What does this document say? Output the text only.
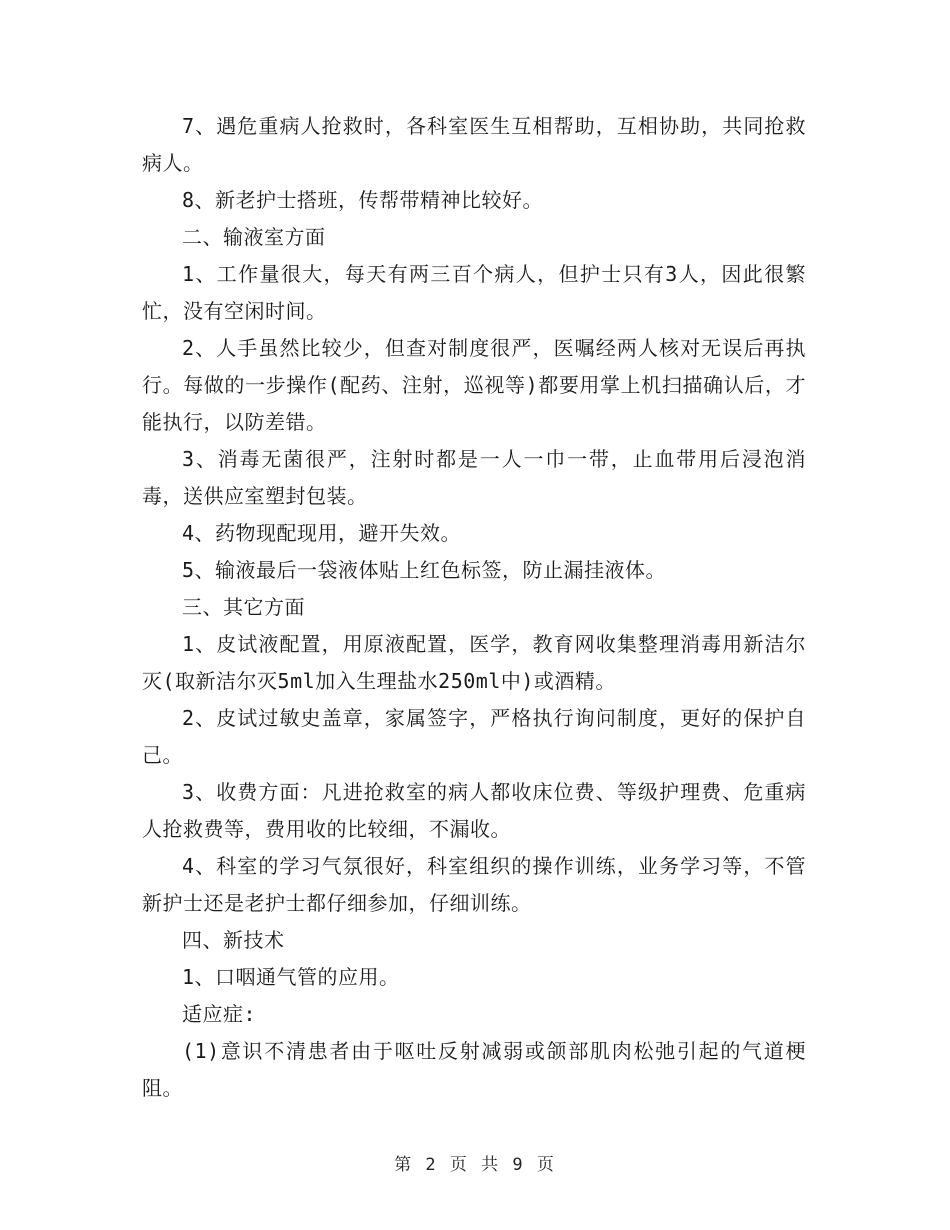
7、遇危重病人抢救时，各科室医生互相帮助，互相协助，共同抢救病人。

8、新老护士搭班，传帮带精神比较好。

二、输液室方面

1、工作量很大，每天有两三百个病人，但护士只有3人，因此很繁忙，没有空闲时间。

2、人手虽然比较少，但查对制度很严，医嘱经两人核对无误后再执行。每做的一步操作(配药、注射，巡视等)都要用掌上机扫描确认后，才能执行，以防差错。

3、消毒无菌很严，注射时都是一人一巾一带，止血带用后浸泡消毒，送供应室塑封包装。

4、药物现配现用，避开失效。

5、输液最后一袋液体贴上红色标签，防止漏挂液体。

三、其它方面

1、皮试液配置，用原液配置，医学，教育网收集整理消毒用新洁尔灭(取新洁尔灭5ml加入生理盐水250ml中)或酒精。

2、皮试过敏史盖章，家属签字，严格执行询问制度，更好的保护自己。

3、收费方面：凡进抢救室的病人都收床位费、等级护理费、危重病人抢救费等，费用收的比较细，不漏收。

4、科室的学习气氛很好，科室组织的操作训练，业务学习等，不管新护士还是老护士都仔细参加，仔细训练。

四、新技术

1、口咽通气管的应用。

适应症:

(1)意识不清患者由于呕吐反射减弱或颌部肌肉松弛引起的气道梗阻。

第 2 页 共 9 页
